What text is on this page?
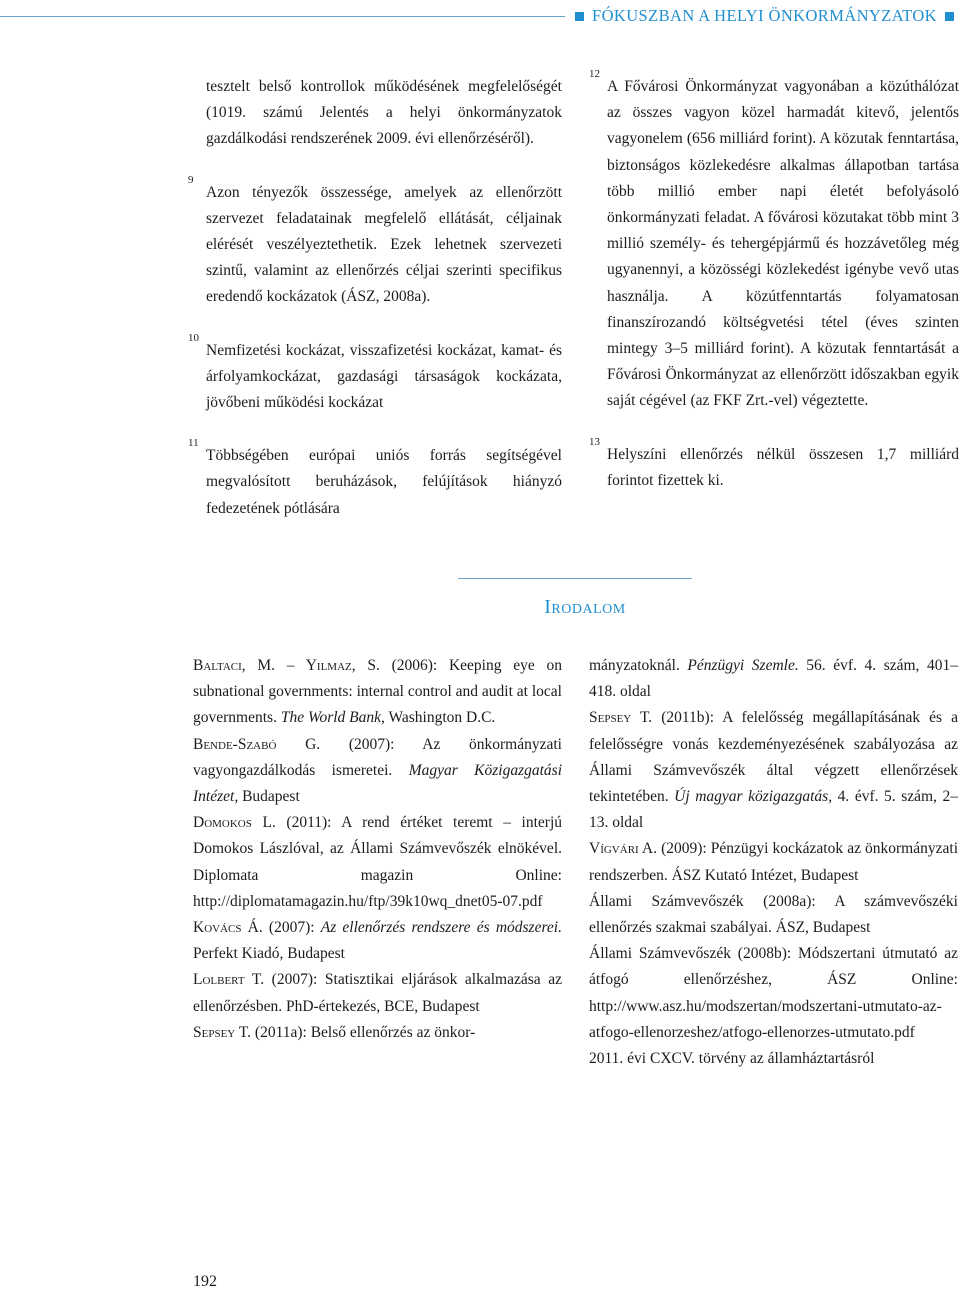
FÓKUSZBAN A HELYI ÖNKORMÁNYZATOK

tesztelt belső kontrollok működésének megfelelőségét (1019. számú Jelentés a helyi önkormányzatok gazdálkodási rendszerének 2009. évi ellenőrzéséről).

9
Azon tényezők összessége, amelyek az ellenőrzött szervezet feladatainak megfelelő ellátását, céljainak elérését veszélyeztethetik. Ezek lehetnek szervezeti szintű, valamint az ellenőrzés céljai szerinti specifikus eredendő kockázatok (ÁSZ, 2008a).

10
Nemfizetési kockázat, visszafizetési kockázat, kamat- és árfolyamkockázat, gazdasági társaságok kockázata, jövőbeni működési kockázat

11
Többségében európai uniós forrás segítségével megvalósított beruházások, felújítások hiányzó fedezetének pótlására

12
A Fővárosi Önkormányzat vagyonában a közúthálózat az összes vagyon közel harmadát kitevő, jelentős vagyonelem (656 milliárd forint). A közutak fenntartása, biztonságos közlekedésre alkalmas állapotban tartása több millió ember napi életét befolyásoló önkormányzati feladat. A fővárosi közutakat több mint 3 millió személy- és tehergépjármű és hozzávetőleg még ugyanennyi, a közösségi közlekedést igénybe vevő utas használja. A közútfenntartás folyamatosan finanszírozandó költségvetési tétel (éves szinten mintegy 3–5 milliárd forint). A közutak fenntartását a Fővárosi Önkormányzat az ellenőrzött időszakban egyik saját cégével (az FKF Zrt.-vel) végeztette.

13
Helyszíni ellenőrzés nélkül összesen 1,7 milliárd forintot fizettek ki.

Irodalom

Baltaci, M. – Yilmaz, S. (2006): Keeping eye on subnational governments: internal control and audit at local governments. The World Bank, Washington D.C.

Bende-Szabó G. (2007): Az önkormányzati vagyongazdálkodás ismeretei. Magyar Közigazgatási Intézet, Budapest

Domokos L. (2011): A rend értéket teremt – interjú Domokos Lászlóval, az Állami Számvevőszék elnökével. Diplomata magazin Online: http://diplomatamagazin.hu/ftp/39k10wq_dnet05-07.pdf

Kovács Á. (2007): Az ellenőrzés rendszere és módszerei. Perfekt Kiadó, Budapest

Lolbert T. (2007): Statisztikai eljárások alkalmazása az ellenőrzésben. PhD-értekezés, BCE, Budapest

Sepsey T. (2011a): Belső ellenőrzés az önkor-

mányzatoknál. Pénzügyi Szemle. 56. évf. 4. szám, 401–418. oldal

Sepsey T. (2011b): A felelősség megállapításának és a felelősségre vonás kezdeményezésének szabályozása az Állami Számvevőszék által végzett ellenőrzések tekintetében. Új magyar közigazgatás, 4. évf. 5. szám, 2–13. oldal

Vígvári A. (2009): Pénzügyi kockázatok az önkormányzati rendszerben. ÁSZ Kutató Intézet, Budapest

Állami Számvevőszék (2008a): A számvevőszéki ellenőrzés szakmai szabályai. ÁSZ, Budapest

Állami Számvevőszék (2008b): Módszertani útmutató az átfogó ellenőrzéshez, ÁSZ Online: http://www.asz.hu/modszertan/modszertani-utmutato-az-atfogo-ellenorzeshez/atfogo-ellenorzes-utmutato.pdf

2011. évi CXCV. törvény az államháztartásról

192
